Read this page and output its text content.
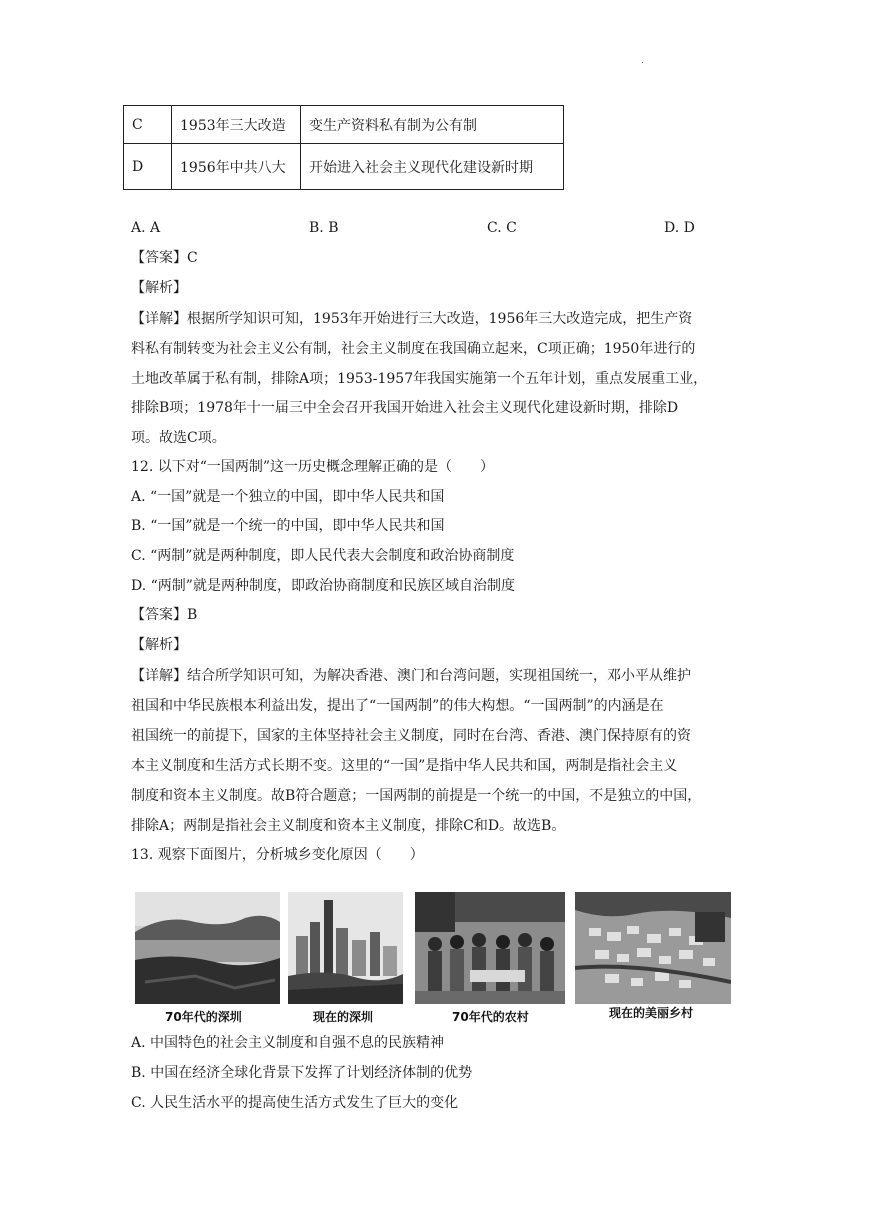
.
C	1953年三大改造	变生产资料私有制为公有制
D	1956年中共八大	开始进入社会主义现代化建设新时期
A. A	B. B	C. C	D. D
【答案】C
【解析】
【详解】根据所学知识可知，1953年开始进行三大改造，1956年三大改造完成，把生产资
料私有制转变为社会主义公有制，社会主义制度在我国确立起来，C项正确；1950年进行的
土地改革属于私有制，排除A项；1953-1957年我国实施第一个五年计划，重点发展重工业，
排除B项；1978年十一届三中全会召开我国开始进入社会主义现代化建设新时期，排除D
项。故选C项。
12. 以下对“一国两制”这一历史概念理解正确的是（　　）
A. “一国”就是一个独立的中国，即中华人民共和国
B. “一国”就是一个统一的中国，即中华人民共和国
C. “两制”就是两种制度，即人民代表大会制度和政治协商制度
D. “两制”就是两种制度，即政治协商制度和民族区域自治制度
【答案】B
【解析】
【详解】结合所学知识可知，为解决香港、澳门和台湾问题，实现祖国统一，邓小平从维护
祖国和中华民族根本利益出发，提出了“一国两制”的伟大构想。“一国两制”的内涵是在
祖国统一的前提下，国家的主体坚持社会主义制度，同时在台湾、香港、澳门保持原有的资
本主义制度和生活方式长期不变。这里的“一国”是指中华人民共和国，两制是指社会主义
制度和资本主义制度。故B符合题意；一国两制的前提是一个统一的中国，不是独立的中国，
排除A；两制是指社会主义制度和资本主义制度，排除C和D。故选B。
13. 观察下面图片，分析城乡变化原因（　　）
70年代的深圳	现在的深圳	70年代的农村	现在的美丽乡村
A. 中国特色的社会主义制度和自强不息的民族精神
B. 中国在经济全球化背景下发挥了计划经济体制的优势
C. 人民生活水平的提高使生活方式发生了巨大的变化
